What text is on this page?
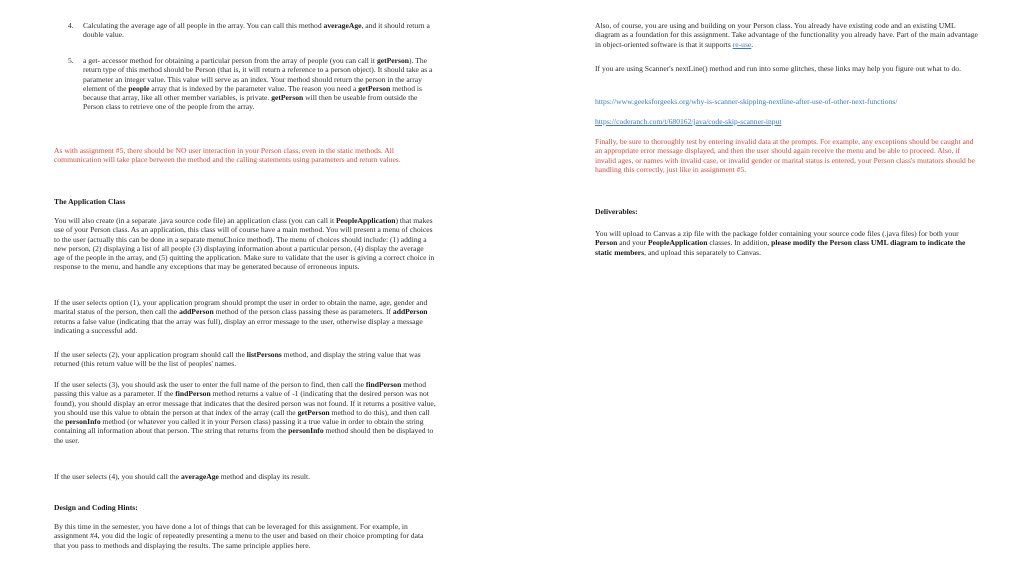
4. Calculating the average age of all people in the array. You can call this method averageAge, and it should return a double value.

5. a get- accessor method for obtaining a particular person from the array of people (you can call it getPerson). The return type of this method should be Person (that is, it will return a reference to a person object). It should take as a parameter an integer value. This value will serve as an index. Your method should return the person in the array element of the people array that is indexed by the parameter value. The reason you need a getPerson method is because that array, like all other member variables, is private. getPerson will then be useable from outside the Person class to retrieve one of the people from the array.

As with assignment #5, there should be NO user interaction in your Person class, even in the static methods. All communication will take place between the method and the calling statements using parameters and return values.

The Application Class

You will also create (in a separate .java source code file) an application class (you can call it PeopleApplication) that makes use of your Person class. As an application, this class will of course have a main method. You will present a menu of choices to the user (actually this can be done in a separate menuChoice method). The menu of choices should include: (1) adding a new person, (2) displaying a list of all people (3) displaying information about a particular person, (4) display the average age of the people in the array, and (5) quitting the application. Make sure to validate that the user is giving a correct choice in response to the menu, and handle any exceptions that may be generated because of erroneous inputs.

If the user selects option (1), your application program should prompt the user in order to obtain the name, age, gender and marital status of the person, then call the addPerson method of the person class passing these as parameters. If addPerson returns a false value (indicating that the array was full), display an error message to the user, otherwise display a message indicating a successful add.

If the user selects (2), your application program should call the listPersons method, and display the string value that was returned (this return value will be the list of peoples' names.

If the user selects (3), you should ask the user to enter the full name of the person to find, then call the findPerson method passing this value as a parameter. If the findPerson method returns a value of -1 (indicating that the desired person was not found), you should display an error message that indicates that the desired person was not found. If it returns a positive value, you should use this value to obtain the person at that index of the array (call the getPerson method to do this), and then call the personInfo method (or whatever you called it in your Person class) passing it a true value in order to obtain the string containing all information about that person. The string that returns from the personInfo method should then be displayed to the user.

If the user selects (4), you should call the averageAge method and display its result.

Design and Coding Hints:

By this time in the semester, you have done a lot of things that can be leveraged for this assignment. For example, in assignment #4, you did the logic of repeatedly presenting a menu to the user and based on their choice prompting for data that you pass to methods and displaying the results. The same principle applies here.

Also, of course, you are using and building on your Person class. You already have existing code and an existing UML diagram as a foundation for this assignment. Take advantage of the functionality you already have. Part of the main advantage in object-oriented software is that it supports re-use.

If you are using Scanner's nextLine() method and run into some glitches, these links may help you figure out what to do.

https://www.geeksforgeeks.org/why-is-scanner-skipping-nextline-after-use-of-other-next-functions/

https://coderanch.com/t/680162/java/code-skip-scanner-input

Finally, be sure to thoroughly test by entering invalid data at the prompts. For example, any exceptions should be caught and an appropriate error message displayed, and then the user should again receive the menu and be able to proceed. Also, if invalid ages, or names with invalid case, or invalid gender or marital status is entered, your Person class's mutators should be handling this correctly, just like in assignment #5.

Deliverables:

You will upload to Canvas a zip file with the package folder containing your source code files (.java files) for both your Person and your PeopleApplication classes. In addition, please modify the Person class UML diagram to indicate the static members, and upload this separately to Canvas.
